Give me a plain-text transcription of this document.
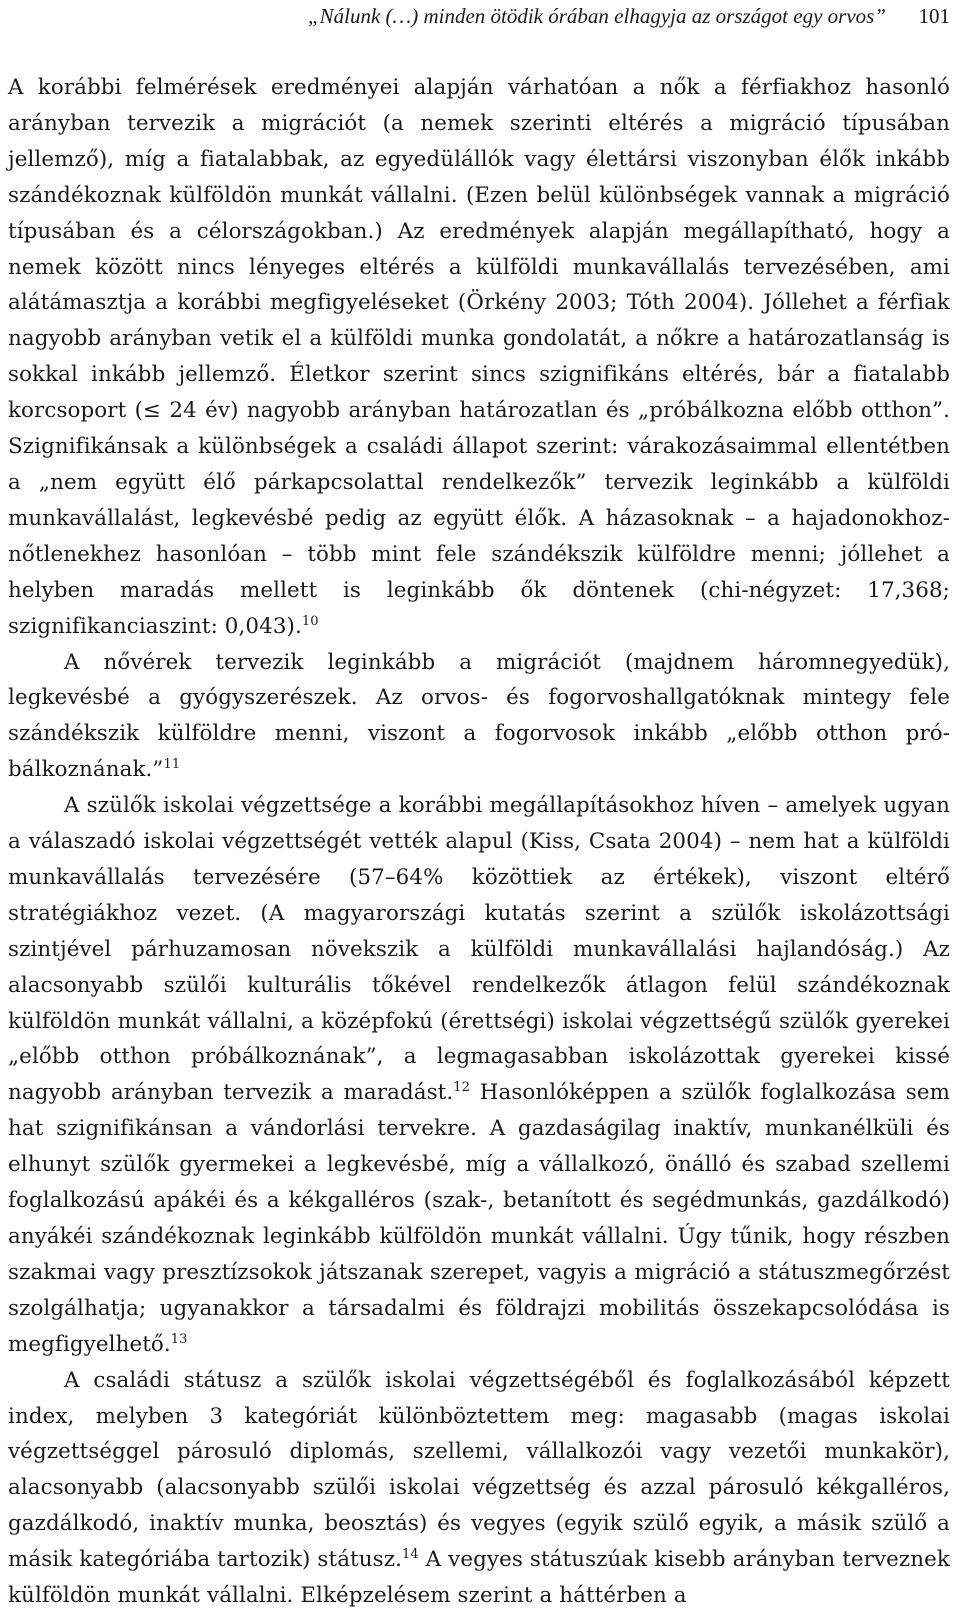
„Nálunk (…) minden ötödik órában elhagyja az országot egy orvos” 101

A korábbi felmérések eredményei alapján várhatóan a nők a férfiakhoz hasonló arányban tervezik a migrációt (a nemek szerinti eltérés a migráció típusában jellemző), míg a fiatalabbak, az egyedülállók vagy élettársi viszonyban élők inkább szándékoznak külföldön munkát vállalni. (Ezen belül különbségek vannak a migráció típusában és a célországokban.) Az eredmények alapján megállapítható, hogy a nemek között nincs lényeges eltérés a külföldi munkavállalás tervezésében, ami alátámasztja a korábbi megfigyeléseket (Örkény 2003; Tóth 2004). Jóllehet a férfiak nagyobb arányban vetik el a külföldi munka gondolatát, a nőkre a határozatlanság is sokkal inkább jellemző. Életkor szerint sincs szignifikáns eltérés, bár a fiatalabb korcsoport (≤ 24 év) nagyobb arányban határozatlan és „próbálkozna előbb otthon”. Szignifikánsak a különbségek a családi állapot szerint: várakozásaimmal ellentétben a „nem együtt élő párkapcsolattal rendelkezők” tervezik leginkább a külföldi munkavállalást, legkevésbé pedig az együtt élők. A házasoknak – a hajadonokhoz-nőtlenekhez hasonlóan – több mint fele szándékszik külföldre menni; jóllehet a helyben maradás mellett is leginkább ők döntenek (chi-négyzet: 17,368; szignifikanciaszint: 0,043).$^{10}$

A nővérek tervezik leginkább a migrációt (majdnem háromnegyedük), legkevésbé a gyógyszerészek. Az orvos- és fogorvoshallgatóknak mintegy fele szándékszik külföldre menni, viszont a fogorvosok inkább „előbb otthon próbálkoznának.”$^{11}$

A szülők iskolai végzettsége a korábbi megállapításokhoz híven – amelyek ugyan a válaszadó iskolai végzettségét vették alapul (Kiss, Csata 2004) – nem hat a külföldi munkavállalás tervezésére (57–64% közöttiek az értékek), viszont eltérő stratégiákhoz vezet. (A magyarországi kutatás szerint a szülők iskolázottsági szintjével párhuzamosan növekszik a külföldi munkavállalási hajlandóság.) Az alacsonyabb szülői kulturális tőkével rendelkezők átlagon felül szándékoznak külföldön munkát vállalni, a középfokú (érettségi) iskolai végzettségű szülők gyerekei „előbb otthon próbálkoznának”, a legmagasabban iskolázottak gyerekei kissé nagyobb arányban tervezik a maradást.$^{12}$ Hasonlóképpen a szülők foglalkozása sem hat szignifikánsan a vándorlási tervekre. A gazdaságilag inaktív, munkanélküli és elhunyt szülők gyermekei a legkevésbé, míg a vállalkozó, önálló és szabad szellemi foglalkozású apákéi és a kékgalléros (szak-, betanított és segédmunkás, gazdálkodó) anyákéi szándékoznak leginkább külföldön munkát vállalni. Úgy tűnik, hogy részben szakmai vagy presztízsokok játszanak szerepet, vagyis a migráció a státuszmegőrzést szolgálhatja; ugyanakkor a társadalmi és földrajzi mobilitás összekapcsolódása is megfigyelhető.$^{13}$

A családi státusz a szülők iskolai végzettségéből és foglalkozásából képzett index, melyben 3 kategóriát különböztettem meg: magasabb (magas iskolai végzettséggel párosuló diplomás, szellemi, vállalkozói vagy vezetői munkakör), alacsonyabb (alacsonyabb szülői iskolai végzettség és azzal párosuló kékgalléros, gazdálkodó, inaktív munka, beosztás) és vegyes (egyik szülő egyik, a másik szülő a másik kategóriába tartozik) státusz.$^{14}$ A vegyes státuszúak kisebb arányban terveznek külföldön munkát vállalni. Elképzelésem szerint a háttérben a
